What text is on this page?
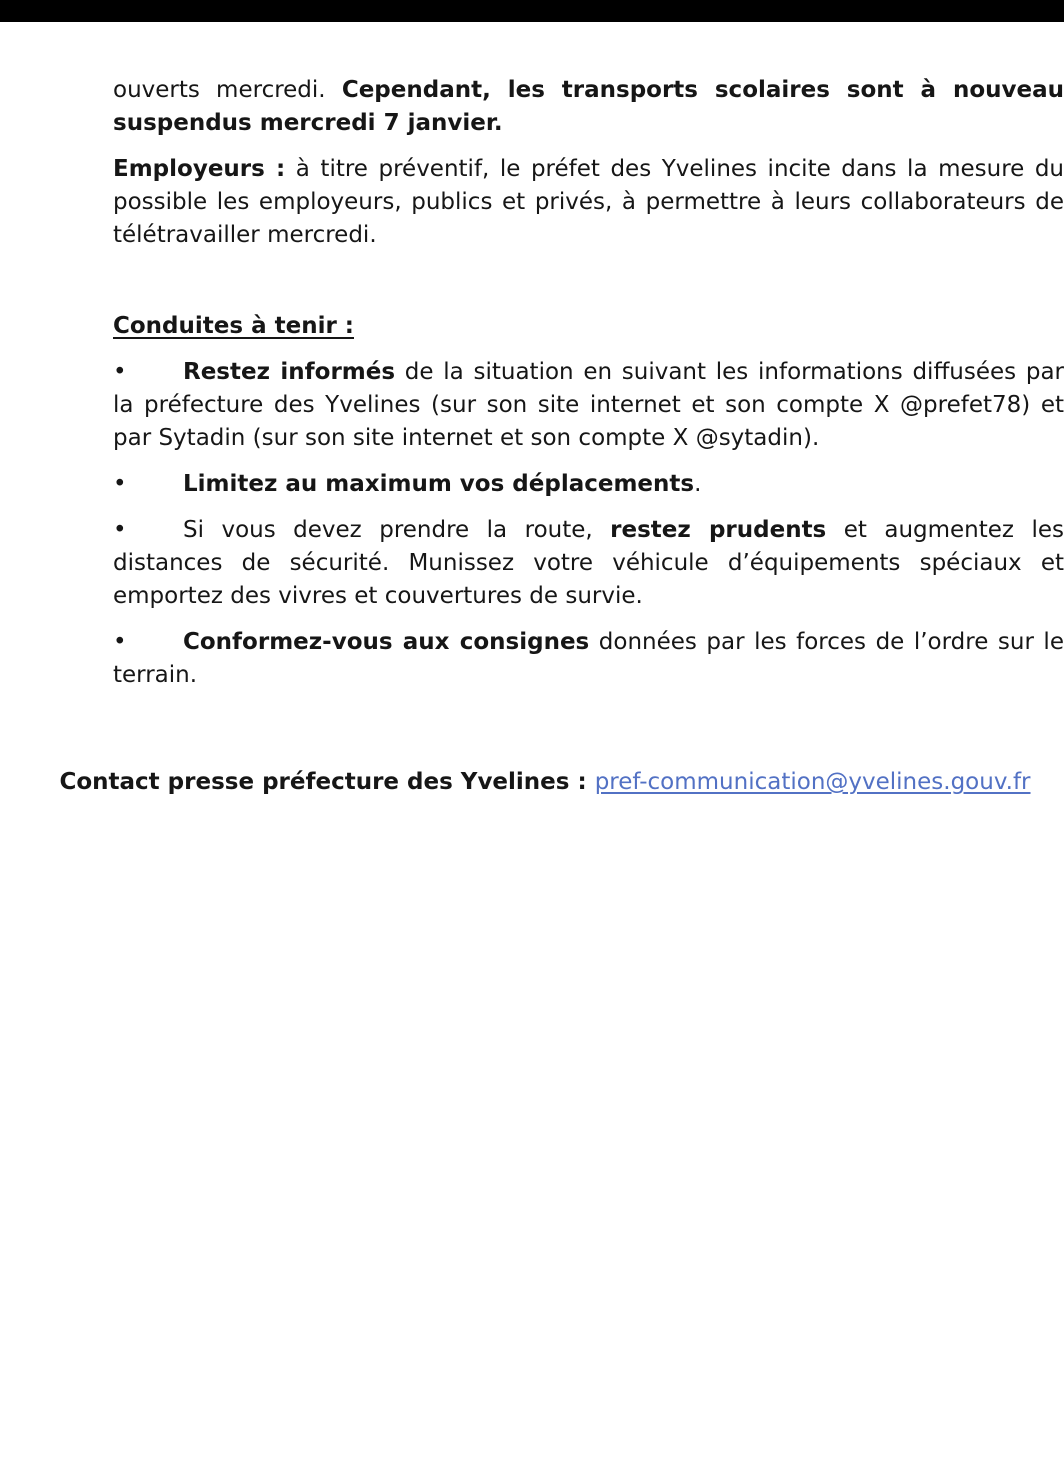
ouverts mercredi. Cependant, les transports scolaires sont à nouveau suspendus mercredi 7 janvier.

Employeurs : à titre préventif, le préfet des Yvelines incite dans la mesure du possible les employeurs, publics et privés, à permettre à leurs collaborateurs de télétravailler mercredi.

Conduites à tenir :

• Restez informés de la situation en suivant les informations diffusées par la préfecture des Yvelines (sur son site internet et son compte X @prefet78) et par Sytadin (sur son site internet et son compte X @sytadin).

• Limitez au maximum vos déplacements.

• Si vous devez prendre la route, restez prudents et augmentez les distances de sécurité. Munissez votre véhicule d’équipements spéciaux et emportez des vivres et couvertures de survie.

• Conformez-vous aux consignes données par les forces de l’ordre sur le terrain.

Contact presse préfecture des Yvelines : pref-communication@yvelines.gouv.fr
